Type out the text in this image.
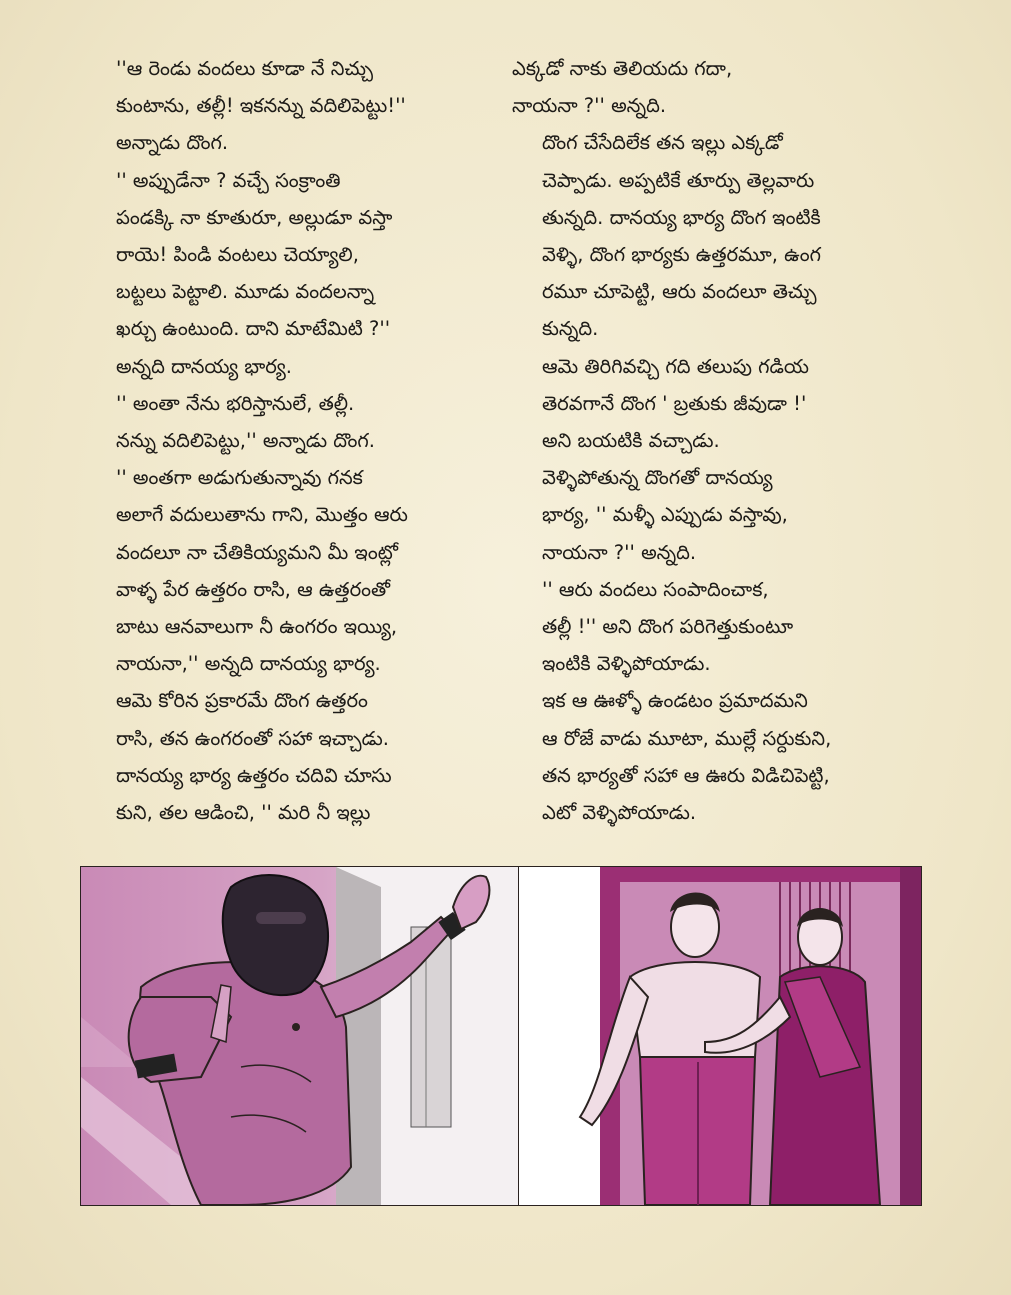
''ఆ రెండు వందలు కూడా నే నిచ్చు
కుంటాను, తల్లీ! ఇకనన్ను వదిలిపెట్టు!''
అన్నాడు దొంగ.

'' అప్పుడేనా ? వచ్చే సంక్రాంతి
పండక్కి నా కూతురూ, అల్లుడూ వస్తా
రాయె! పిండి వంటలు చెయ్యాలి,
బట్టలు పెట్టాలి. మూడు వందలన్నా
ఖర్చు ఉంటుంది. దాని మాటేమిటి ?''
అన్నది దానయ్య భార్య.

'' అంతా నేను భరిస్తానులే, తల్లీ.
నన్ను వదిలిపెట్టు,'' అన్నాడు దొంగ.

'' అంతగా అడుగుతున్నావు గనక
అలాగే వదులుతాను గాని, మొత్తం ఆరు
వందలూ నా చేతికియ్యమని మీ ఇంట్లో
వాళ్ళ పేర ఉత్తరం రాసి, ఆ ఉత్తరంతో
బాటు ఆనవాలుగా నీ ఉంగరం ఇయ్యి,
నాయనా,'' అన్నది దానయ్య భార్య.

ఆమె కోరిన ప్రకారమే దొంగ ఉత్తరం
రాసి, తన ఉంగరంతో సహా ఇచ్చాడు.

దానయ్య భార్య ఉత్తరం చదివి చూసు
కుని, తల ఆడించి, '' మరి నీ ఇల్లు

ఎక్కడో నాకు తెలియదు గదా,
నాయనా ?'' అన్నది.

దొంగ చేసేదిలేక తన ఇల్లు ఎక్కడో
చెప్పాడు. అప్పటికే తూర్పు తెల్లవారు
తున్నది. దానయ్య భార్య దొంగ ఇంటికి
వెళ్ళి, దొంగ భార్యకు ఉత్తరమూ, ఉంగ
రమూ చూపెట్టి, ఆరు వందలూ తెచ్చు
కున్నది.

ఆమె తిరిగివచ్చి గది తలుపు గడియ
తెరవగానే దొంగ ' బ్రతుకు జీవుడా !'
అని బయటికి వచ్చాడు.

వెళ్ళిపోతున్న దొంగతో దానయ్య
భార్య, '' మళ్ళీ ఎప్పుడు వస్తావు,
నాయనా ?'' అన్నది.

'' ఆరు వందలు సంపాదించాక,
తల్లీ !'' అని దొంగ పరిగెత్తుకుంటూ
ఇంటికి వెళ్ళిపోయాడు.

ఇక ఆ ఊళ్ళో ఉండటం ప్రమాదమని
ఆ రోజే వాడు మూటా, ముల్లే సర్దుకుని,
తన భార్యతో సహా ఆ ఊరు విడిచిపెట్టి,
ఎటో వెళ్ళిపోయాడు.
